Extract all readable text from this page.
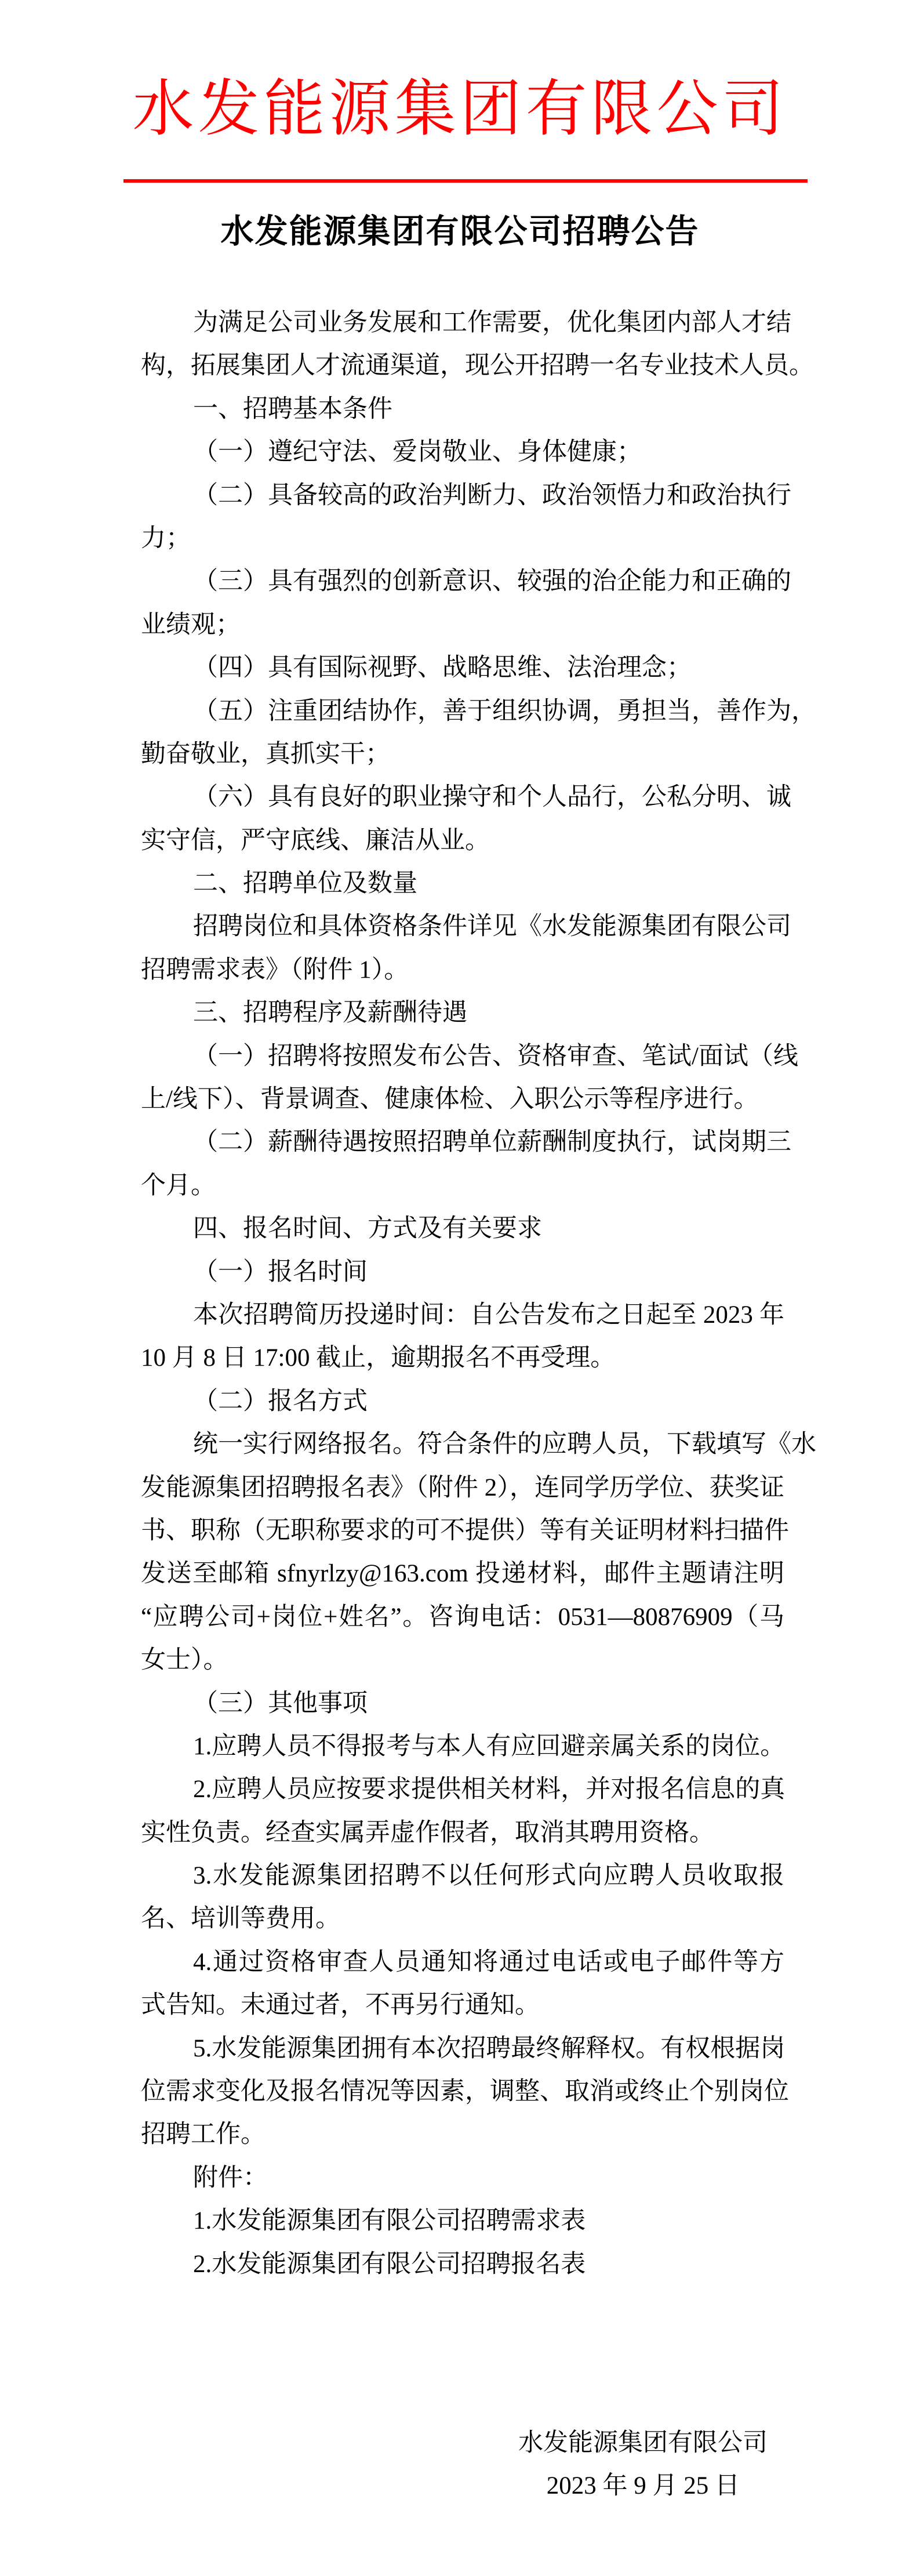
水发能源集团有限公司
水发能源集团有限公司招聘公告
为满足公司业务发展和工作需要，优化集团内部人才结
构，拓展集团人才流通渠道，现公开招聘一名专业技术人员。
一、招聘基本条件
（一）遵纪守法、爱岗敬业、身体健康；
（二）具备较高的政治判断力、政治领悟力和政治执行
力；
（三）具有强烈的创新意识、较强的治企能力和正确的
业绩观；
（四）具有国际视野、战略思维、法治理念；
（五）注重团结协作，善于组织协调，勇担当，善作为，
勤奋敬业，真抓实干；
（六）具有良好的职业操守和个人品行，公私分明、诚
实守信，严守底线、廉洁从业。
二、招聘单位及数量
招聘岗位和具体资格条件详见《水发能源集团有限公司
招聘需求表》（附件 1）。
三、招聘程序及薪酬待遇
（一）招聘将按照发布公告、资格审查、笔试/面试（线
上/线下）、背景调查、健康体检、入职公示等程序进行。
（二）薪酬待遇按照招聘单位薪酬制度执行，试岗期三
个月。
四、报名时间、方式及有关要求
（一）报名时间
本次招聘简历投递时间：自公告发布之日起至 2023 年
10 月 8 日 17:00 截止，逾期报名不再受理。
（二）报名方式
统一实行网络报名。符合条件的应聘人员，下载填写《水
发能源集团招聘报名表》（附件 2），连同学历学位、获奖证
书、职称（无职称要求的可不提供）等有关证明材料扫描件
发送至邮箱 sfnyrlzy@163.com 投递材料，邮件主题请注明
“应聘公司+岗位+姓名”。咨询电话：0531—80876909（马
女士）。
（三）其他事项
1.应聘人员不得报考与本人有应回避亲属关系的岗位。
2.应聘人员应按要求提供相关材料，并对报名信息的真
实性负责。经查实属弄虚作假者，取消其聘用资格。
3.水发能源集团招聘不以任何形式向应聘人员收取报
名、培训等费用。
4.通过资格审查人员通知将通过电话或电子邮件等方
式告知。未通过者，不再另行通知。
5.水发能源集团拥有本次招聘最终解释权。有权根据岗
位需求变化及报名情况等因素，调整、取消或终止个别岗位
招聘工作。
附件：
1.水发能源集团有限公司招聘需求表
2.水发能源集团有限公司招聘报名表
水发能源集团有限公司
2023 年 9 月 25 日
